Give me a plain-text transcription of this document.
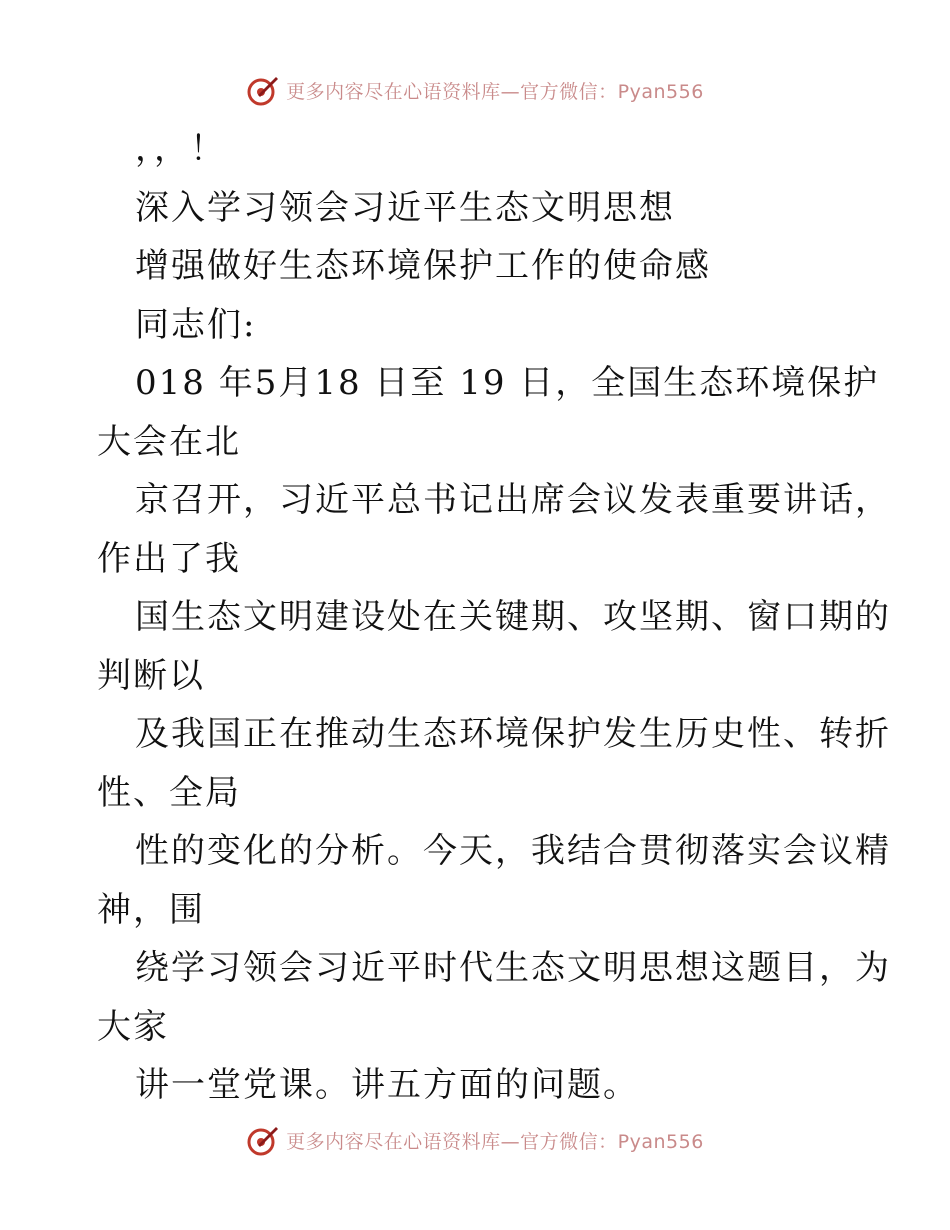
更多内容尽在心语资料库—官方微信：Pyan556
，，！
深入学习领会习近平生态文明思想
增强做好生态环境保护工作的使命感
同志们:
018 年5月18 日至 19 日，全国生态环境保护
大会在北
京召开，习近平总书记出席会议发表重要讲话，
作出了我
国生态文明建设处在关键期、攻坚期、窗口期的
判断以
及我国正在推动生态环境保护发生历史性、转折
性、全局
性的变化的分析。今天，我结合贯彻落实会议精
神，围
绕学习领会习近平时代生态文明思想这题目，为
大家
讲一堂党课。讲五方面的问题。
更多内容尽在心语资料库—官方微信：Pyan556
